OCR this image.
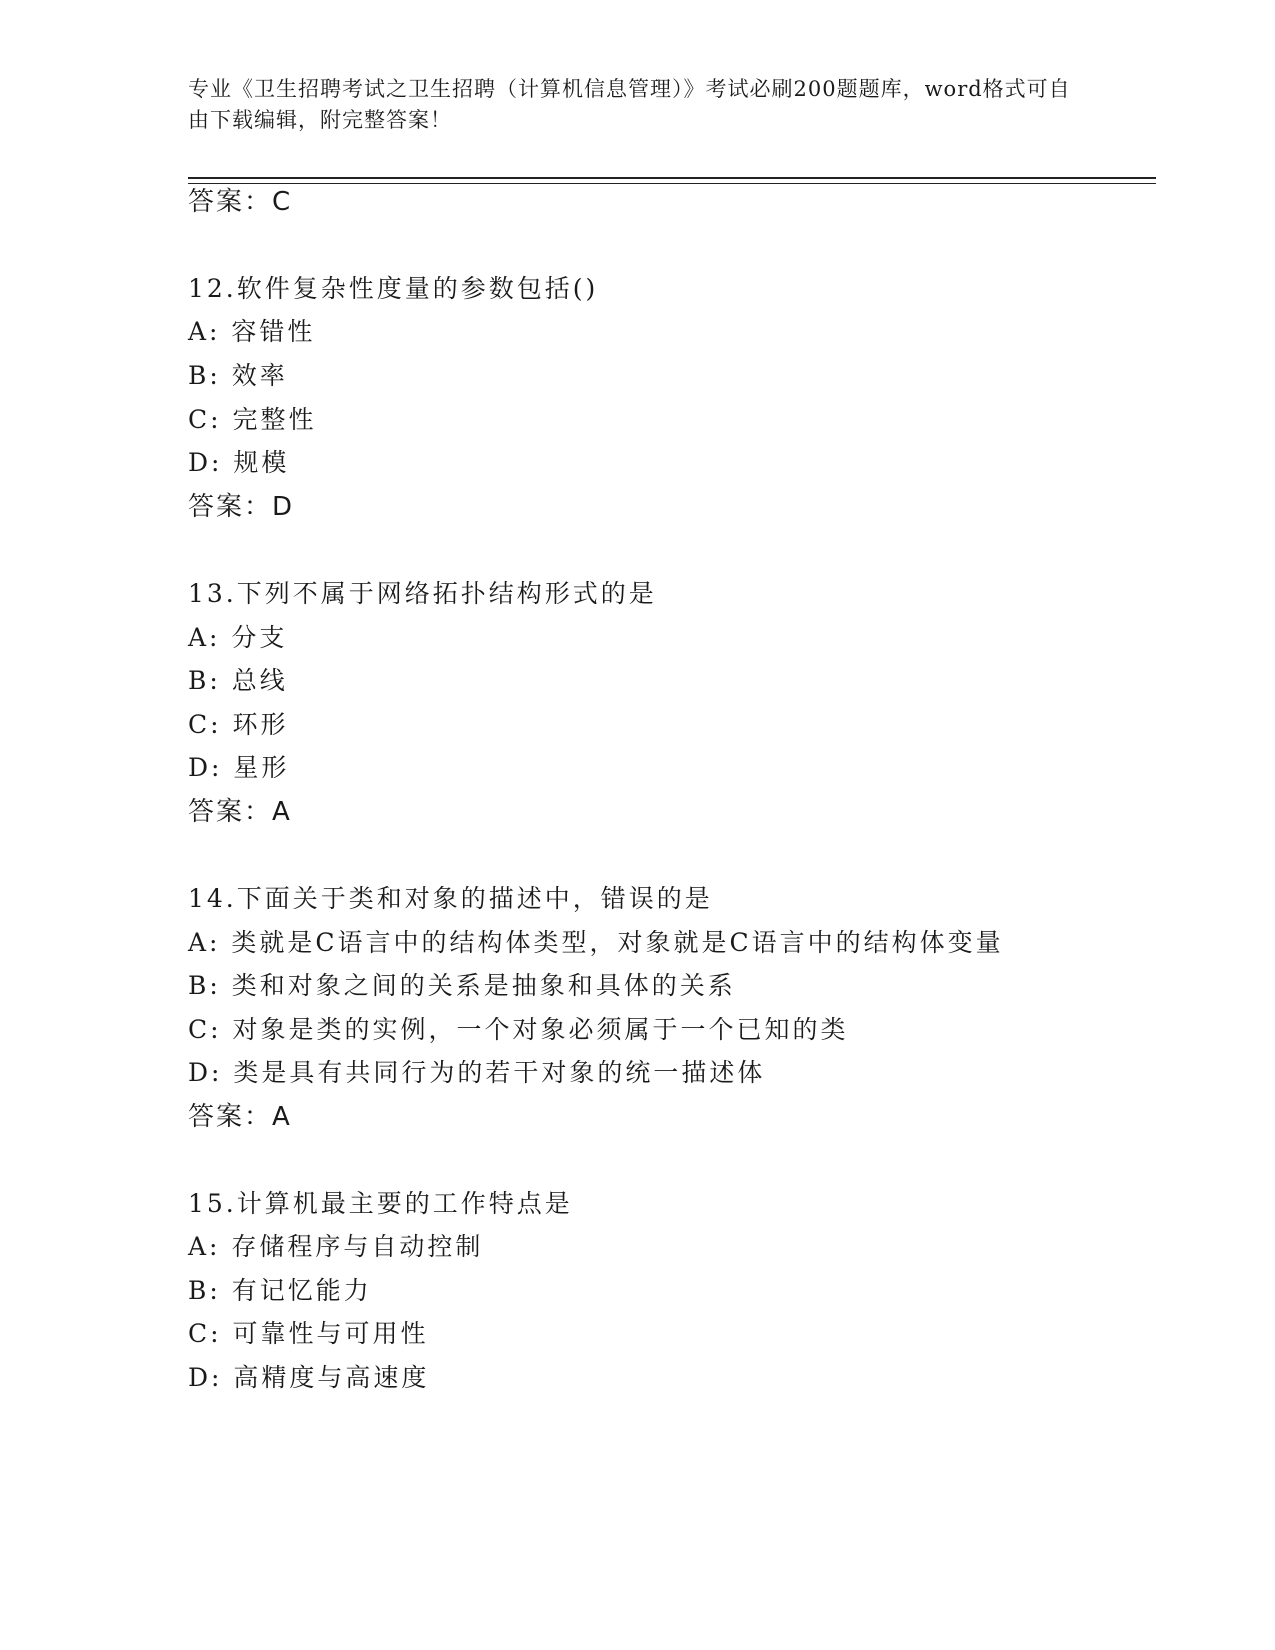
专业《卫生招聘考试之卫生招聘（计算机信息管理）》考试必刷200题题库，word格式可自由下载编辑，附完整答案！
答案：C
12.软件复杂性度量的参数包括()
A: 容错性
B: 效率
C: 完整性
D: 规模
答案：D
13.下列不属于网络拓扑结构形式的是
A: 分支
B: 总线
C: 环形
D: 星形
答案：A
14.下面关于类和对象的描述中，错误的是
A: 类就是C语言中的结构体类型，对象就是C语言中的结构体变量
B: 类和对象之间的关系是抽象和具体的关系
C: 对象是类的实例，一个对象必须属于一个已知的类
D: 类是具有共同行为的若干对象的统一描述体
答案：A
15.计算机最主要的工作特点是
A: 存储程序与自动控制
B: 有记忆能力
C: 可靠性与可用性
D: 高精度与高速度
